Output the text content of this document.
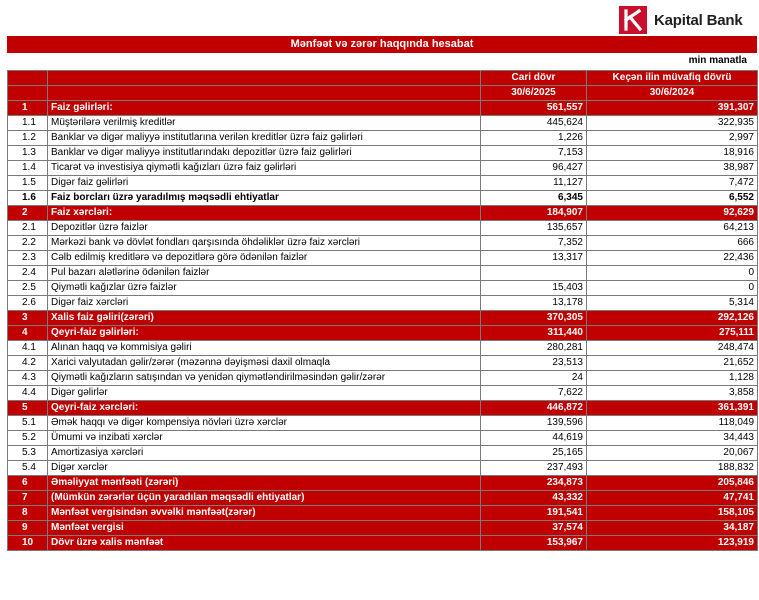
Kapital Bank
Mənfəət və zərər haqqında hesabat
min manatla
		Cari dövr	Keçən ilin müvafiq dövrü
		30/6/2025	30/6/2024
1	Faiz gəlirləri:	561,557	391,307
1.1	Müştərilərə verilmiş kreditlər	445,624	322,935
1.2	Banklar və digər maliyyə institutlarına verilən kreditlər üzrə faiz gəlirləri	1,226	2,997
1.3	Banklar və digər maliyyə institutlarındakı depozitlər üzrə faiz gəlirləri	7,153	18,916
1.4	Ticarət və investisiya qiymətli kağızları üzrə faiz gəlirləri	96,427	38,987
1.5	Digər faiz gəlirləri	11,127	7,472
1.6	Faiz borcları üzrə yaradılmış məqsədli ehtiyatlar	6,345	6,552
2	Faiz xərcləri:	184,907	92,629
2.1	Depozitlər üzrə faizlər	135,657	64,213
2.2	Mərkəzi bank və dövlət fondları qarşısında öhdəliklər üzrə faiz xərcləri	7,352	666
2.3	Cəlb edilmiş kreditlərə və depozitlərə görə ödənilən faizlər	13,317	22,436
2.4	Pul bazarı alətlərinə ödənilən faizlər		0
2.5	Qiymətli kağızlar üzrə faizlər	15,403	0
2.6	Digər faiz xərcləri	13,178	5,314
3	Xalis faiz gəliri(zərəri)	370,305	292,126
4	Qeyri-faiz gəlirləri:	311,440	275,111
4.1	Alınan haqq və kommisiya gəliri	280,281	248,474
4.2	Xarici valyutadan gəlir/zərər (məzənnə dəyişməsi daxil olmaqla	23,513	21,652
4.3	Qiymətli kağızların satışından və yenidən qiymətləndirilməsindən gəlir/zərər	24	1,128
4.4	Digər gəlirlər	7,622	3,858
5	Qeyri-faiz xərcləri:	446,872	361,391
5.1	Əmək haqqı və digər kompensiya növləri üzrə xərclər	139,596	118,049
5.2	Ümumi və inzibati xərclər	44,619	34,443
5.3	Amortizasiya xərcləri	25,165	20,067
5.4	Digər xərclər	237,493	188,832
6	Əməliyyat mənfəəti (zərəri)	234,873	205,846
7	(Mümkün zərərlər üçün yaradılan məqsədli ehtiyatlar)	43,332	47,741
8	Mənfəət vergisindən əvvəlki mənfəət(zərər)	191,541	158,105
9	Mənfəət vergisi	37,574	34,187
10	Dövr üzrə xalis mənfəət	153,967	123,919
